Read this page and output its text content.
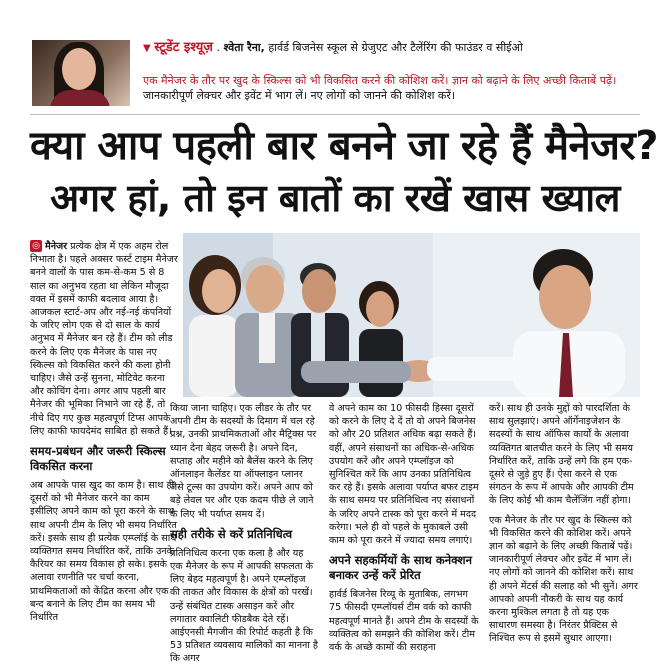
▼ स्टूडेंट इश्यूज़ . श्वेता रैना, हार्वर्ड बिजनेस स्कूल से ग्रेजुएट और टैलेंरिंग की फाउंडर व सीईओ
एक मैनेजर के तौर पर खुद के स्किल्स को भी विकसित करने की कोशिश करें। ज्ञान को बढ़ाने के लिए अच्छी किताबें पढ़ें। जानकारीपूर्ण लेक्चर और इवेंट में भाग लें। नए लोगों को जानने की कोशिश करें।
क्या आप पहली बार बनने जा रहे हैं मैनेजर?
अगर हां, तो इन बातों का रखें खास ख्याल

◎ मैनेजर प्रत्येक क्षेत्र में एक अहम रोल निभाता है। पहले अक्सर फर्स्ट टाइम मैनेजर बनने वालों के पास कम-से-कम 5 से 8 साल का अनुभव रहता था लेकिन मौजूदा वक्त में इसमें काफी बदलाव आया है। आजकल स्टार्ट-अप और नई-नई कंपनियों के जरिए लोग एक से दो साल के कार्य अनुभव में मैनेजर बन रहे हैं। टीम को लीड करने के लिए एक मैनेजर के पास नए स्किल्स को विकसित करने की कला होनी चाहिए। जैसे उन्हें सुनना, मोटिवेट करना और कोचिंग देना। अगर आप पहली बार मैनेजर की भूमिका निभाने जा रहे हैं, तो नीचे दिए गए कुछ महत्वपूर्ण टिप्स आपके लिए काफी फायदेमंद साबित हो सकते हैं।

समय-प्रबंधन और जरूरी स्किल्स विकसित करना

अब आपके पास खुद का काम है। साथ ही दूसरों को भी मैनेजर करने का काम इसीलिए अपने काम को पूरा करने के साथ-साथ अपनी टीम के लिए भी समय निर्धारित करें। इसके साथ ही प्रत्येक एम्प्लॉई के साथ व्यक्तिगत समय निर्धारित करें, ताकि उनके कैरियर का समय विकास हो सके। इसके अलावा रणनीति पर चर्चा करना, प्राथमिकताओं को केंद्रित करना और एक बन्द बनाने के लिए टीम का समय भी निर्धारित

किया जाना चाहिए। एक लीडर के तौर पर अपनी टीम के सदस्यों के दिमाग में चल रहे प्रश्न, उनकी प्राथमिकताओं और मैट्रिक्स पर ध्यान देना बेहद जरूरी है। अपने दिन, सप्ताह और महीने को बैलेंस करने के लिए ऑनलाइन कैलेंडर या ऑफ्लाइन प्लानर जैसे टूल्स का उपयोग करें। अपने आप को बड़े लेवल पर और एक कदम पीछे ले जाने के लिए भी पर्याप्त समय दें।

सही तरीके से करें प्रतिनिधित्व

प्रतिनिधित्व करना एक कला है और यह एक मैनेजर के रूप में आपकी सफलता के लिए बेहद महत्वपूर्ण है। अपने एम्प्लॉइज की ताकत और विकास के क्षेत्रों को परखें। उन्हें संबंधित टास्क असाइन करें और लगातार क्वालिटी फीडबैक देते रहें। आईएनसी मैगजीन की रिपोर्ट कहती है कि 53 प्रतिशत व्यवसाय मालिकों का मानना है कि अगर

वे अपने काम का 10 फीसदी हिस्सा दूसरों को करने के लिए दे दें तो वो अपने बिजनेस को और 20 प्रतिशत अधिक बढ़ा सकते हैं। वहीं, अपने संसाधनों का अधिक-से-अधिक उपयोग करें और अपने एम्प्लॉइज को सुनिश्चित करें कि आप उनका प्रतिनिधित्व कर रहे हैं। इसके अलावा पर्याप्त बफर टाइम के साथ समय पर प्रतिनिधित्व नए संसाधनों के जरिए अपने टास्क को पूरा करने में मदद करेगा। भले ही वो पहले के मुकाबले उसी काम को पूरा करने में ज्यादा समय लगाएं।

अपने सहकर्मियों के साथ कनेक्शन बनाकर उन्हें करें प्रेरित

हार्वर्ड बिजनेस रिव्यू के मुताबिक, लगभग 75 फीसदी एम्प्लॉयर्स टीम वर्क को काफी महत्वपूर्ण मानते हैं। अपने टीम के सदस्यों के व्यक्तित्व को समझने की कोशिश करें। टीम वर्क के अच्छे कामों की सराहना

करें। साथ ही उनके मुद्दों को पारदर्शिता के साथ सुलझाएं। अपने ऑर्गेनाइजेशन के सदस्यों के साथ ऑफिस कार्यों के अलावा व्यक्तिगत बातचीत करने के लिए भी समय निर्धारित करें, ताकि उन्हें लगे कि हम एक-दूसरे से जुड़े हुए हैं। ऐसा करने से एक संगठन के रूप में आपके और आपकी टीम के लिए कोई भी काम चैलेंजिंग नहीं होगा।

एक मैनेजर के तौर पर खुद के स्किल्स को भी विकसित करने की कोशिश करें। अपने ज्ञान को बढ़ाने के लिए अच्छी किताबें पढ़ें। जानकारीपूर्ण लेक्चर और इवेंट में भाग लें। नए लोगों को जानने की कोशिश करें। साथ ही अपने मेंटर्स की सलाह को भी सुनें। अगर आपको अपनी नौकरी के साथ यह कार्य करना मुश्किल लगता है तो यह एक साधारण समस्या है। निरंतर प्रैक्टिस से निश्चित रूप से इसमें सुधार आएगा।
